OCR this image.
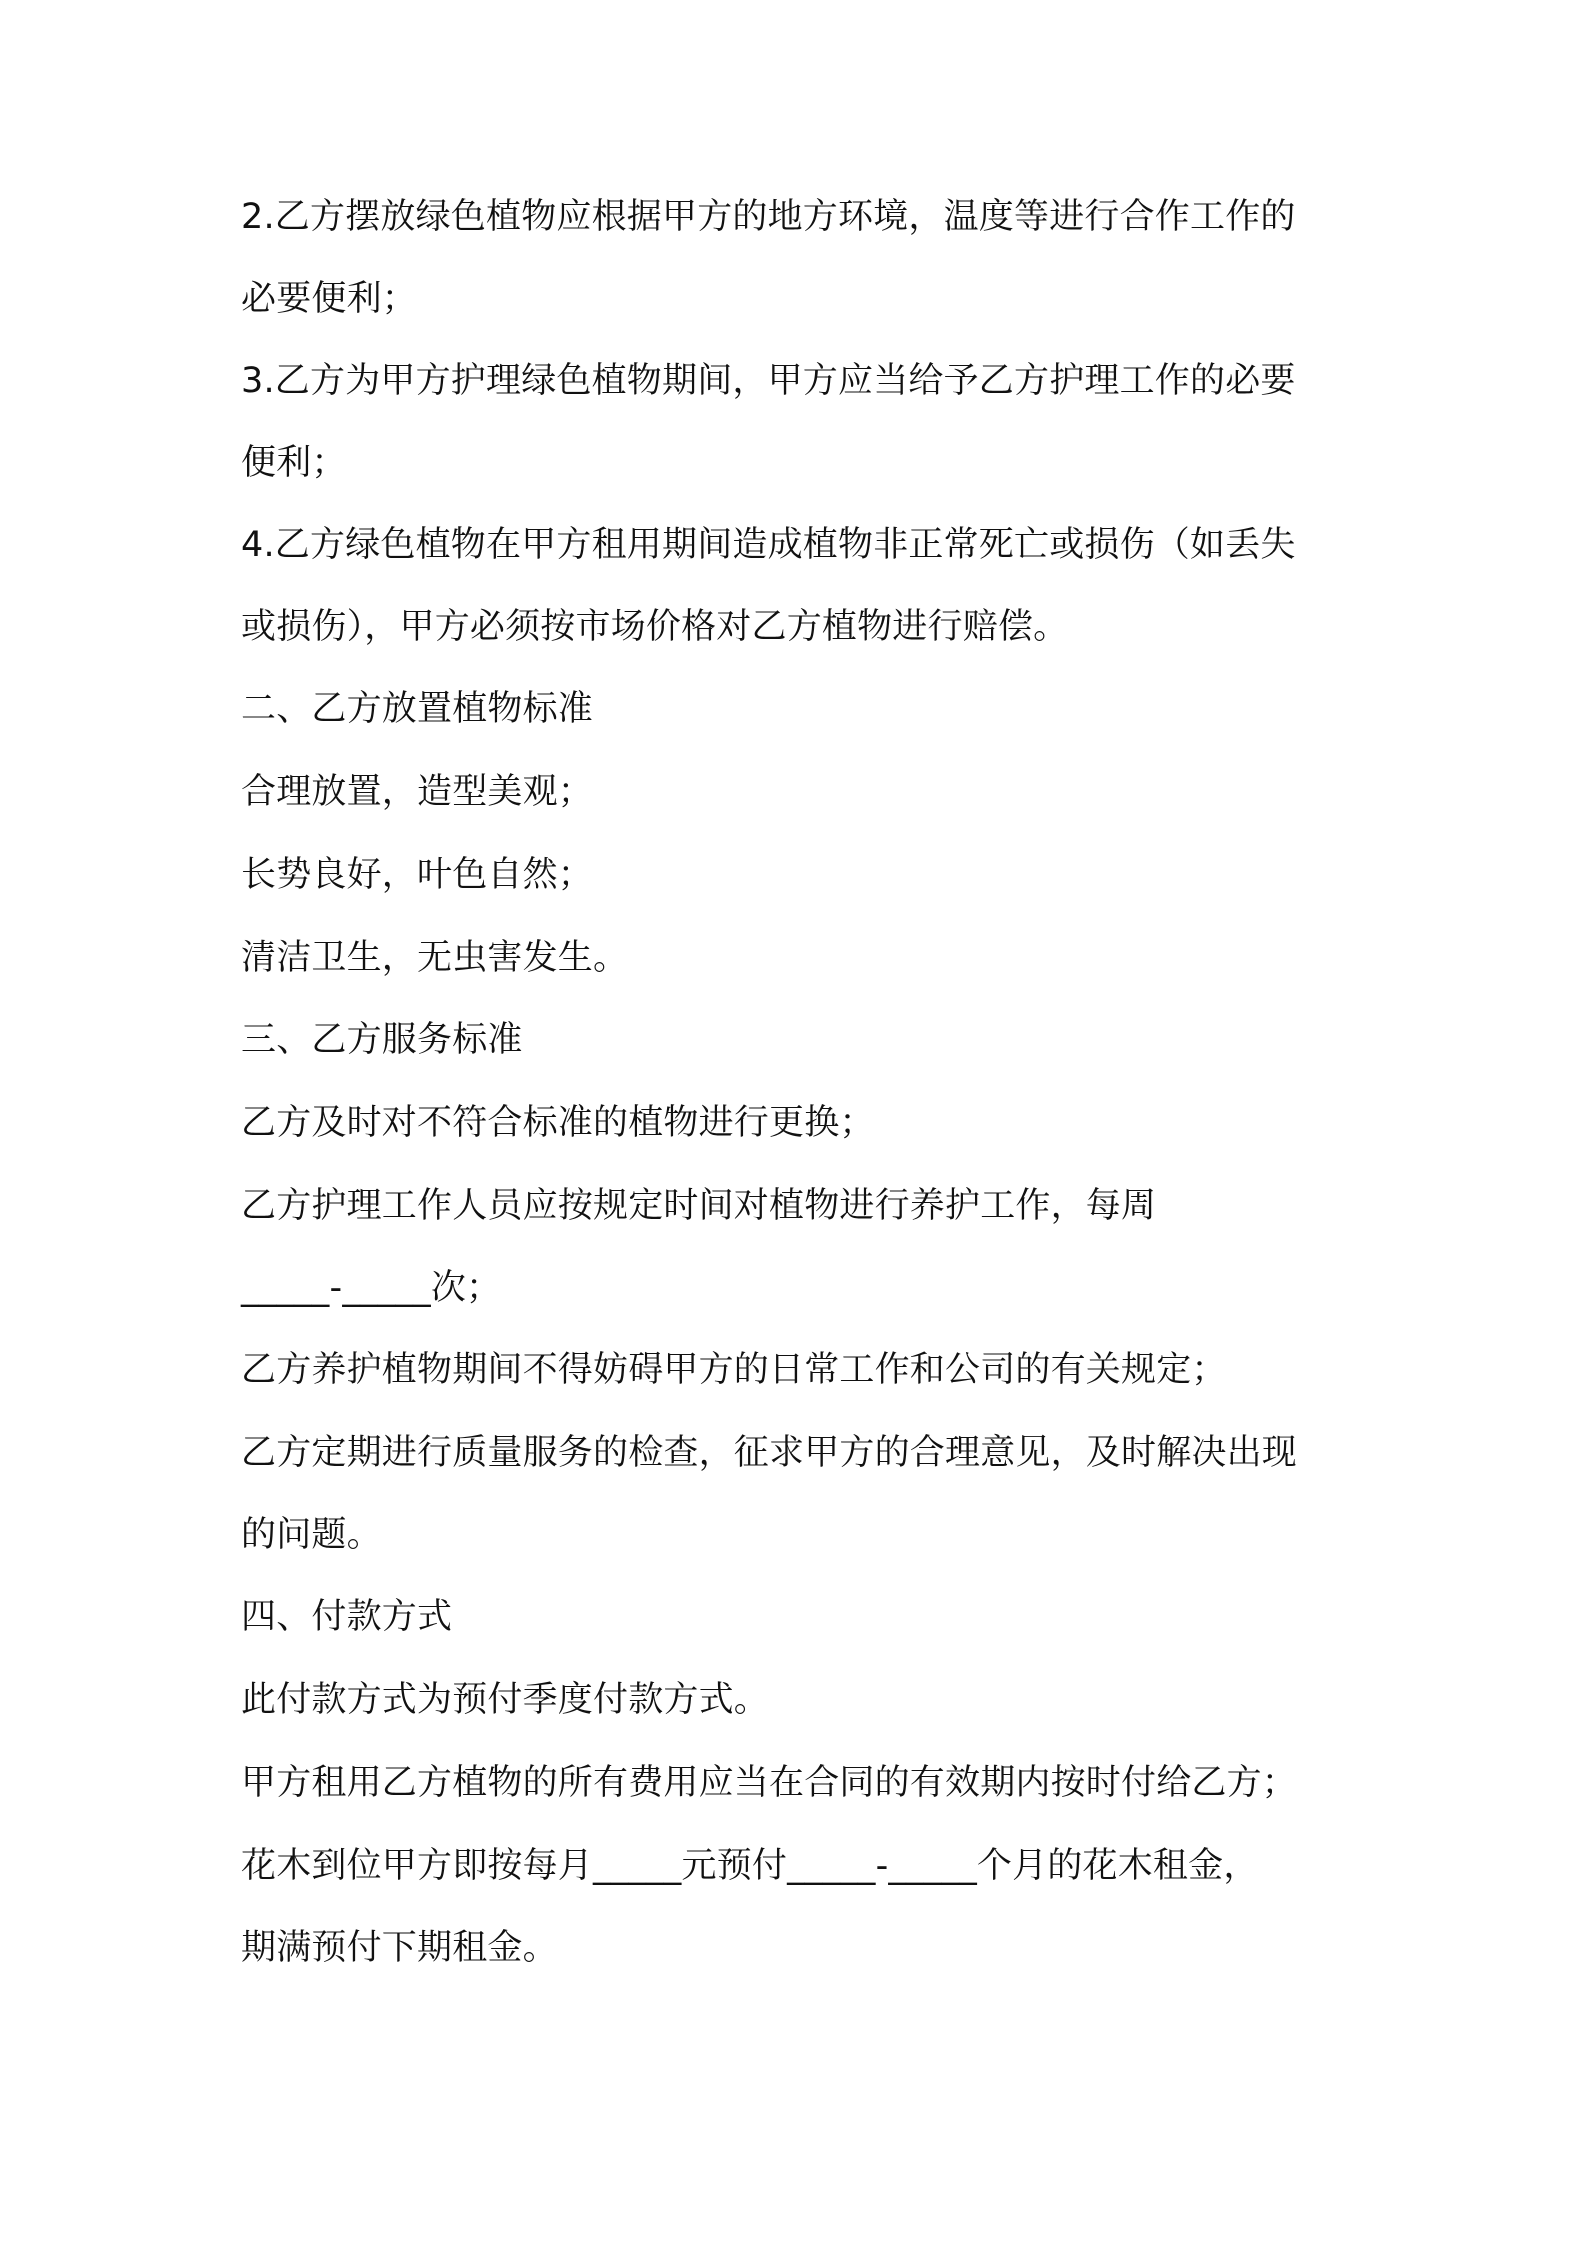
2.乙方摆放绿色植物应根据甲方的地方环境，温度等进行合作工作的

必要便利；

3.乙方为甲方护理绿色植物期间，甲方应当给予乙方护理工作的必要

便利；

4.乙方绿色植物在甲方租用期间造成植物非正常死亡或损伤（如丢失

或损伤），甲方必须按市场价格对乙方植物进行赔偿。

二、乙方放置植物标准

合理放置，造型美观；

长势良好，叶色自然；

清洁卫生，无虫害发生。

三、乙方服务标准

乙方及时对不符合标准的植物进行更换；

乙方护理工作人员应按规定时间对植物进行养护工作，每周

_____-_____次；

乙方养护植物期间不得妨碍甲方的日常工作和公司的有关规定；

乙方定期进行质量服务的检查，征求甲方的合理意见，及时解决出现

的问题。

四、付款方式

此付款方式为预付季度付款方式。

甲方租用乙方植物的所有费用应当在合同的有效期内按时付给乙方；

花木到位甲方即按每月_____元预付_____-_____个月的花木租金，

期满预付下期租金。
